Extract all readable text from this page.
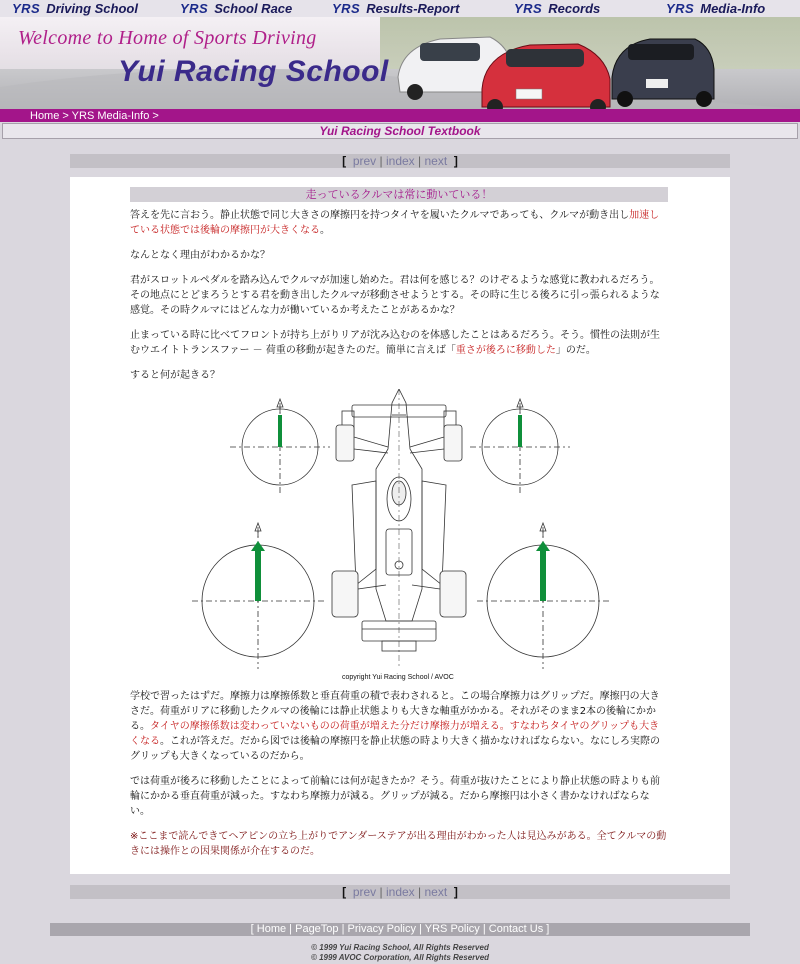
YRS Driving School	YRS School Race	YRS Results-Report	YRS Records	YRS Media-Info
Welcome to Home of Sports Driving
Yui Racing School
Home > YRS Media-Info >
Yui Racing School Textbook
[ prev | index | next ]
走っているクルマは常に動いている！

答えを先に言おう。静止状態で同じ大きさの摩擦円を持つタイヤを履いたクルマであっても、クルマが動き出し加速している状態では後輪の摩擦円が大きくなる。

なんとなく理由がわかるかな？

君がスロットルペダルを踏み込んでクルマが加速し始めた。君は何を感じる？のけぞるような感覚に教われるだろう。その地点にとどまろうとする君を動き出したクルマが移動させようとする。その時に生じる後ろに引っ張られるような感覚。その時クルマにはどんな力が働いているか考えたことがあるかな？

止まっている時に比べてフロントが持ち上がりリアが沈み込むのを体感したことはあるだろう。そう。慣性の法則が生むウエイトトランスファー － 荷重の移動が起きたのだ。簡単に言えば「重さが後ろに移動した」のだ。

すると何が起きる？

copyright Yui Racing School / AVOC

学校で習ったはずだ。摩擦力は摩擦係数と垂直荷重の積で表わされると。この場合摩擦力はグリップだ。摩擦円の大きさだ。荷重がリアに移動したクルマの後輪には静止状態よりも大きな軸重がかかる。それがそのまま2本の後輪にかかる。タイヤの摩擦係数は変わっていないものの荷重が増えた分だけ摩擦力が増える。すなわちタイヤのグリップも大きくなる。これが答えだ。だから図では後輪の摩擦円を静止状態の時より大きく描かなければならない。なにしろ実際のグリップも大きくなっているのだから。

では荷重が後ろに移動したことによって前輪には何が起きたか？そう。荷重が抜けたことにより静止状態の時よりも前輪にかかる垂直荷重が減った。すなわち摩擦力が減る。グリップが減る。だから摩擦円は小さく書かなければならない。

※ここまで読んできてヘアピンの立ち上がりでアンダーステアが出る理由がわかった人は見込みがある。全てクルマの動きには操作との因果関係が介在するのだ。

[ prev | index | next ]
[ Home | PageTop | Privacy Policy | YRS Policy | Contact Us ]
© 1999 Yui Racing School, All Rights Reserved
© 1999 AVOC Corporation, All Rights Reserved
